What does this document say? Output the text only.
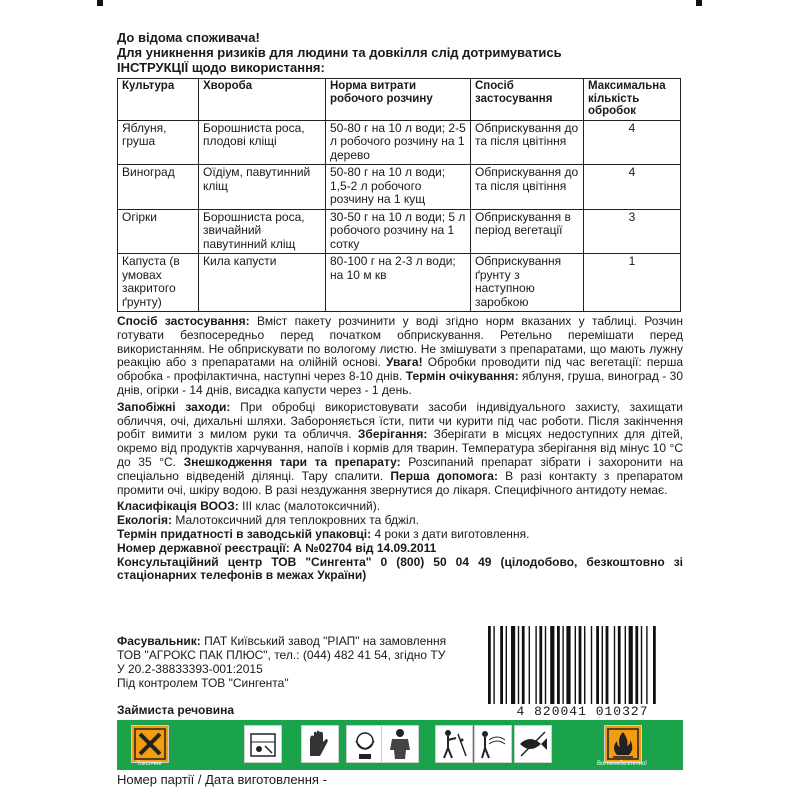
До відома споживача!
Для уникнення ризиків для людини та довкілля слід дотримуватись
ІНСТРУКЦІЇ щодо використання:
Культура	Хвороба	Норма витрати робочого розчину	Спосіб застосування	Максимальна кількість обробок
Яблуня, груша	Борошниста роса, плодові кліщі	50-80 г на 10 л води; 2-5 л робочого розчину на 1 дерево	Обприскування до та після цвітіння	4
Виноград	Оїдіум, павутинний кліщ	50-80 г на 10 л води; 1,5-2 л робочого розчину на 1 кущ	Обприскування до та після цвітіння	4
Огірки	Борошниста роса, звичайний павутинний кліщ	30-50 г на 10 л води; 5 л робочого розчину на 1 сотку	Обприскування в період вегетації	3
Капуста (в умовах закритого ґрунту)	Кила капусти	80-100 г на 2-3 л води; на 10 м кв	Обприскування ґрунту з наступною заробкою	1

Спосіб застосування: Вміст пакету розчинити у воді згідно норм вказаних у таблиці. Розчин готувати безпосередньо перед початком обприскування. Ретельно перемішати перед використанням. Не обприскувати по вологому листю. Не змішувати з препаратами, що мають лужну реакцію або з препаратами на олійній основі. Увага! Обробки проводити під час вегетації: перша обробка - профілактична, наступні через 8-10 днів. Термін очікування: яблуня, груша, виноград - 30 днів, огірки - 14 днів, висадка капусти через - 1 день.

Запобіжні заходи: При обробці використовувати засоби індивідуального захисту, захищати обличчя, очі, дихальні шляхи. Забороняється їсти, пити чи курити під час роботи. Після закінчення робіт вимити з милом руки та обличчя. Зберігання: Зберігати в місцях недоступних для дітей, окремо від продуктів харчування, напоїв і кормів для тварин. Температура зберігання від мінус 10 °С до 35 °С. Знешкодження тари та препарату: Розсипаний препарат зібрати і захоронити на спеціально відведеній ділянці. Тару спалити. Перша допомога: В разі контакту з препаратом промити очі, шкіру водою. В разі нездужання звернутися до лікаря. Специфічного антидоту немає.

Класифікація ВООЗ: ІІІ клас (малотоксичний).
Екологія: Малотоксичний для теплокровних та бджіл.
Термін придатності в заводській упаковці: 4 роки з дати виготовлення.
Номер державної реєстрації: А №02704 від 14.09.2011
Консультаційний центр ТОВ "Сингента" 0 (800) 50 04 49 (цілодобово, безкоштовно зі стаціонарних телефонів в межах України)
Фасувальник: ПАТ Київський завод "РІАП" на замовлення ТОВ "АГРОКС ПАК ПЛЮС", тел.: (044) 482 41 54, згідно ТУ У 20.2-38833393-001:2015
Під контролем ТОВ "Сингента"
Займиста речовина	4 820041 010327
Токсичне	Вогненебезпечно!
Номер партії / Дата виготовлення -
